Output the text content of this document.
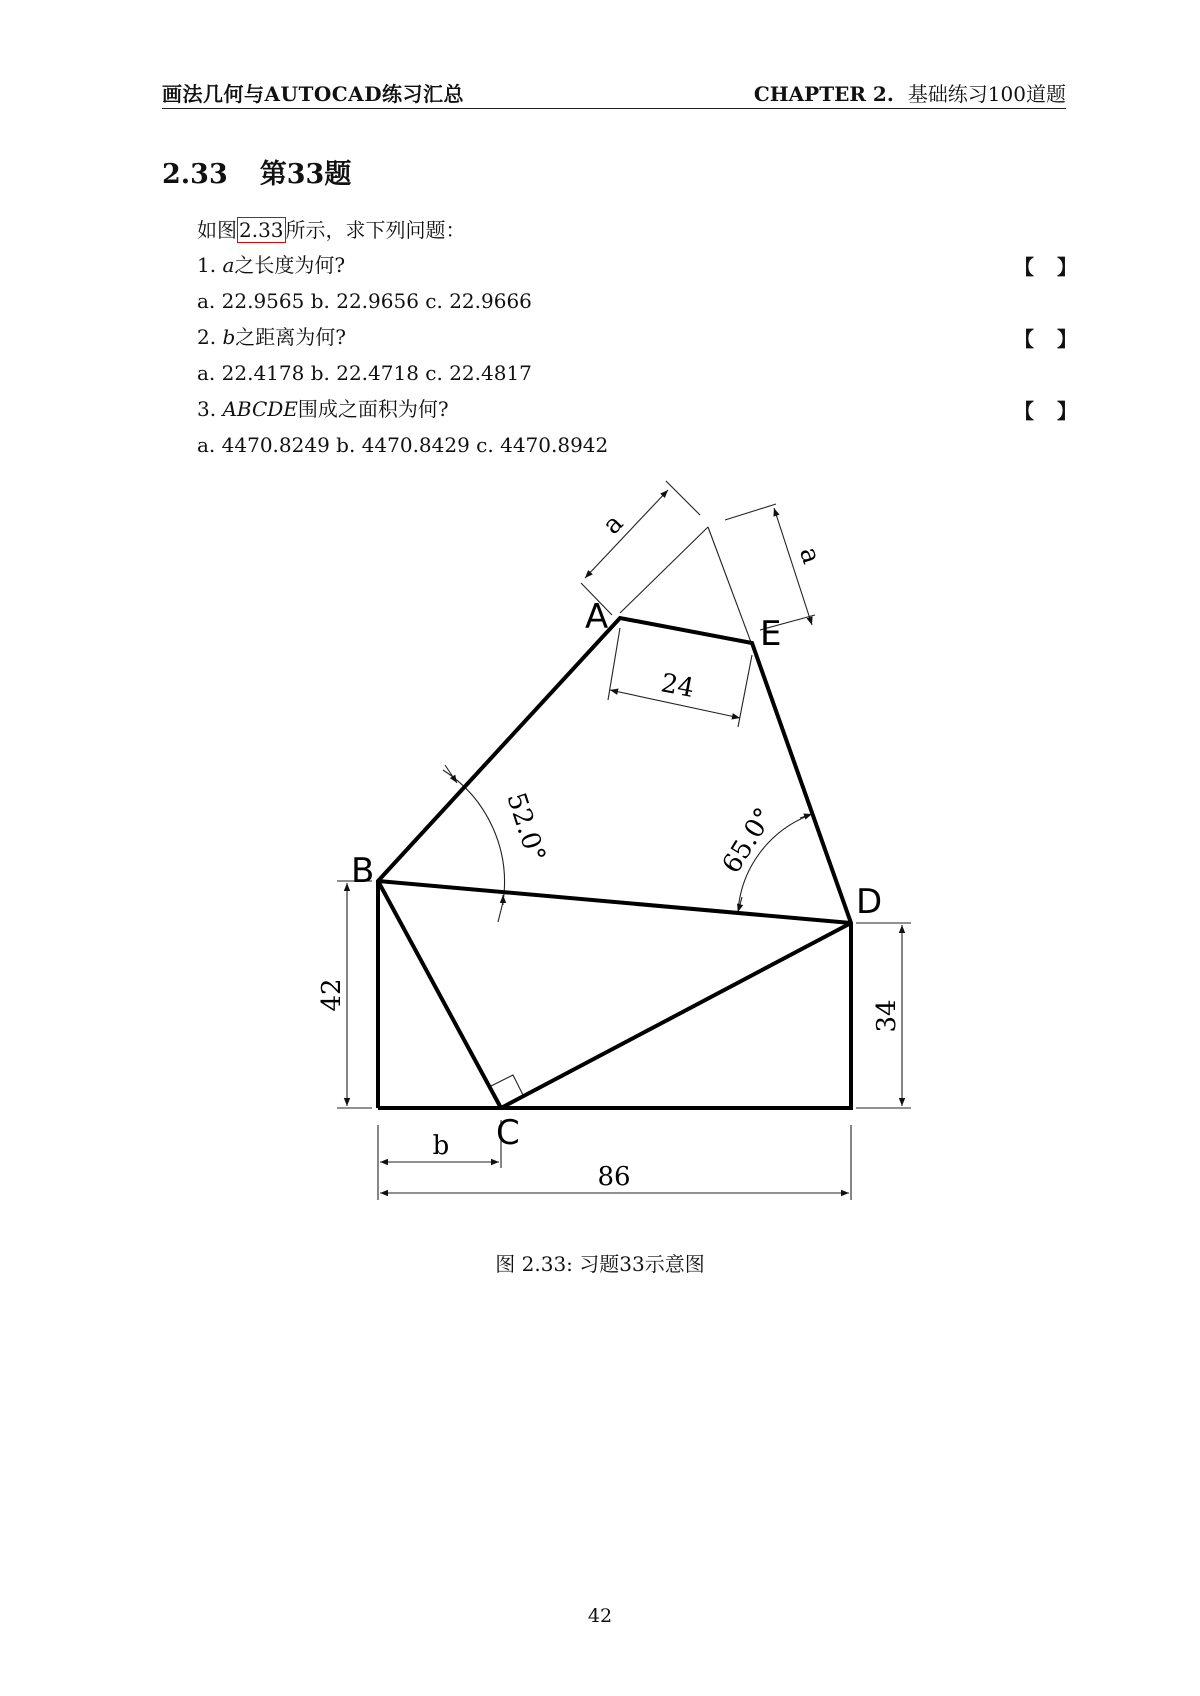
画法几何与AUTOCAD练习汇总	CHAPTER 2. 基础练习100道题
2.33 第33题
如图 2.33 所示，求下列问题：
1. a之长度为何?	【 】
a. 22.9565 b. 22.9656 c. 22.9666
2. b之距离为何?	【 】
a. 22.4178 b. 22.4718 c. 22.4817
3. ABCDE围成之面积为何?	【 】
a. 4470.8249 b. 4470.8429 c. 4470.8942
A	E
B
D
C
a
a
24
52.0°	65.0°
42
34
b
86
图 2.33: 习题33示意图
42
